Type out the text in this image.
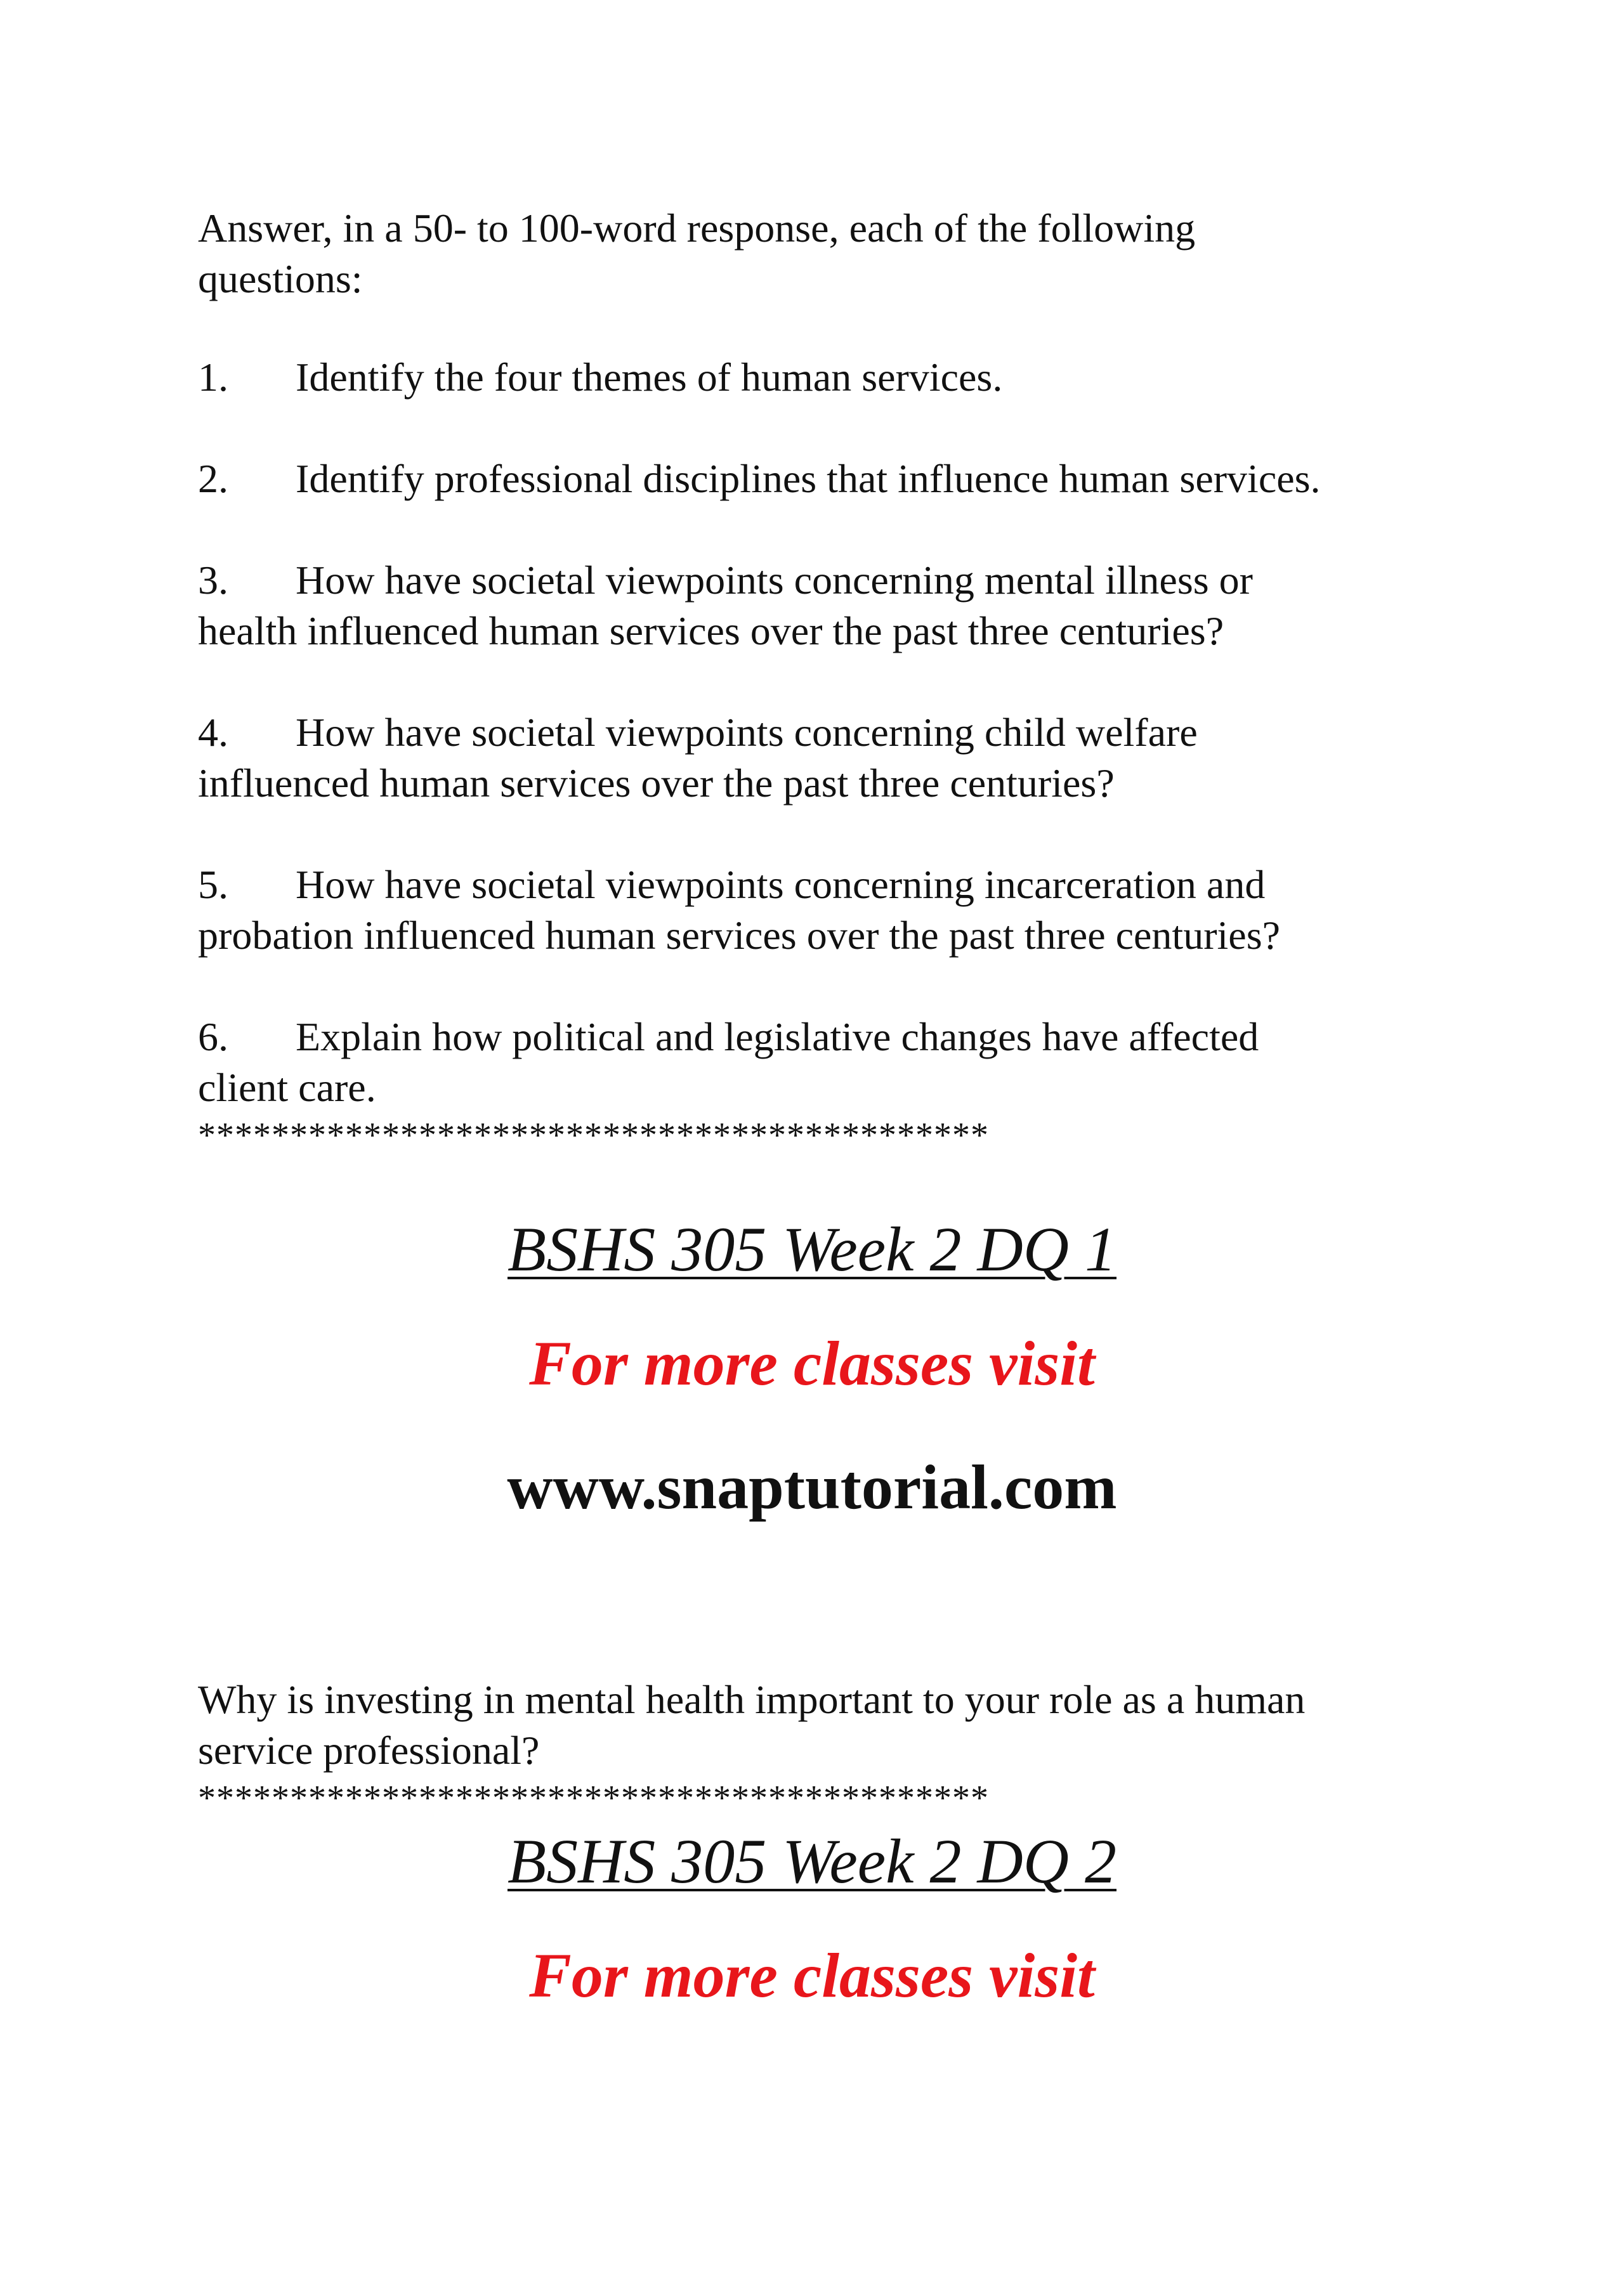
Answer, in a 50- to 100-word response, each of the following
questions:
1. Identify the four themes of human services.
2. Identify professional disciplines that influence human services.
3. How have societal viewpoints concerning mental illness or
health influenced human services over the past three centuries?
4. How have societal viewpoints concerning child welfare
influenced human services over the past three centuries?
5. How have societal viewpoints concerning incarceration and
probation influenced human services over the past three centuries?
6. Explain how political and legislative changes have affected
client care.
*******************************************
BSHS 305 Week 2 DQ 1
For more classes visit
www.snaptutorial.com
Why is investing in mental health important to your role as a human
service professional?
*******************************************
BSHS 305 Week 2 DQ 2
For more classes visit
